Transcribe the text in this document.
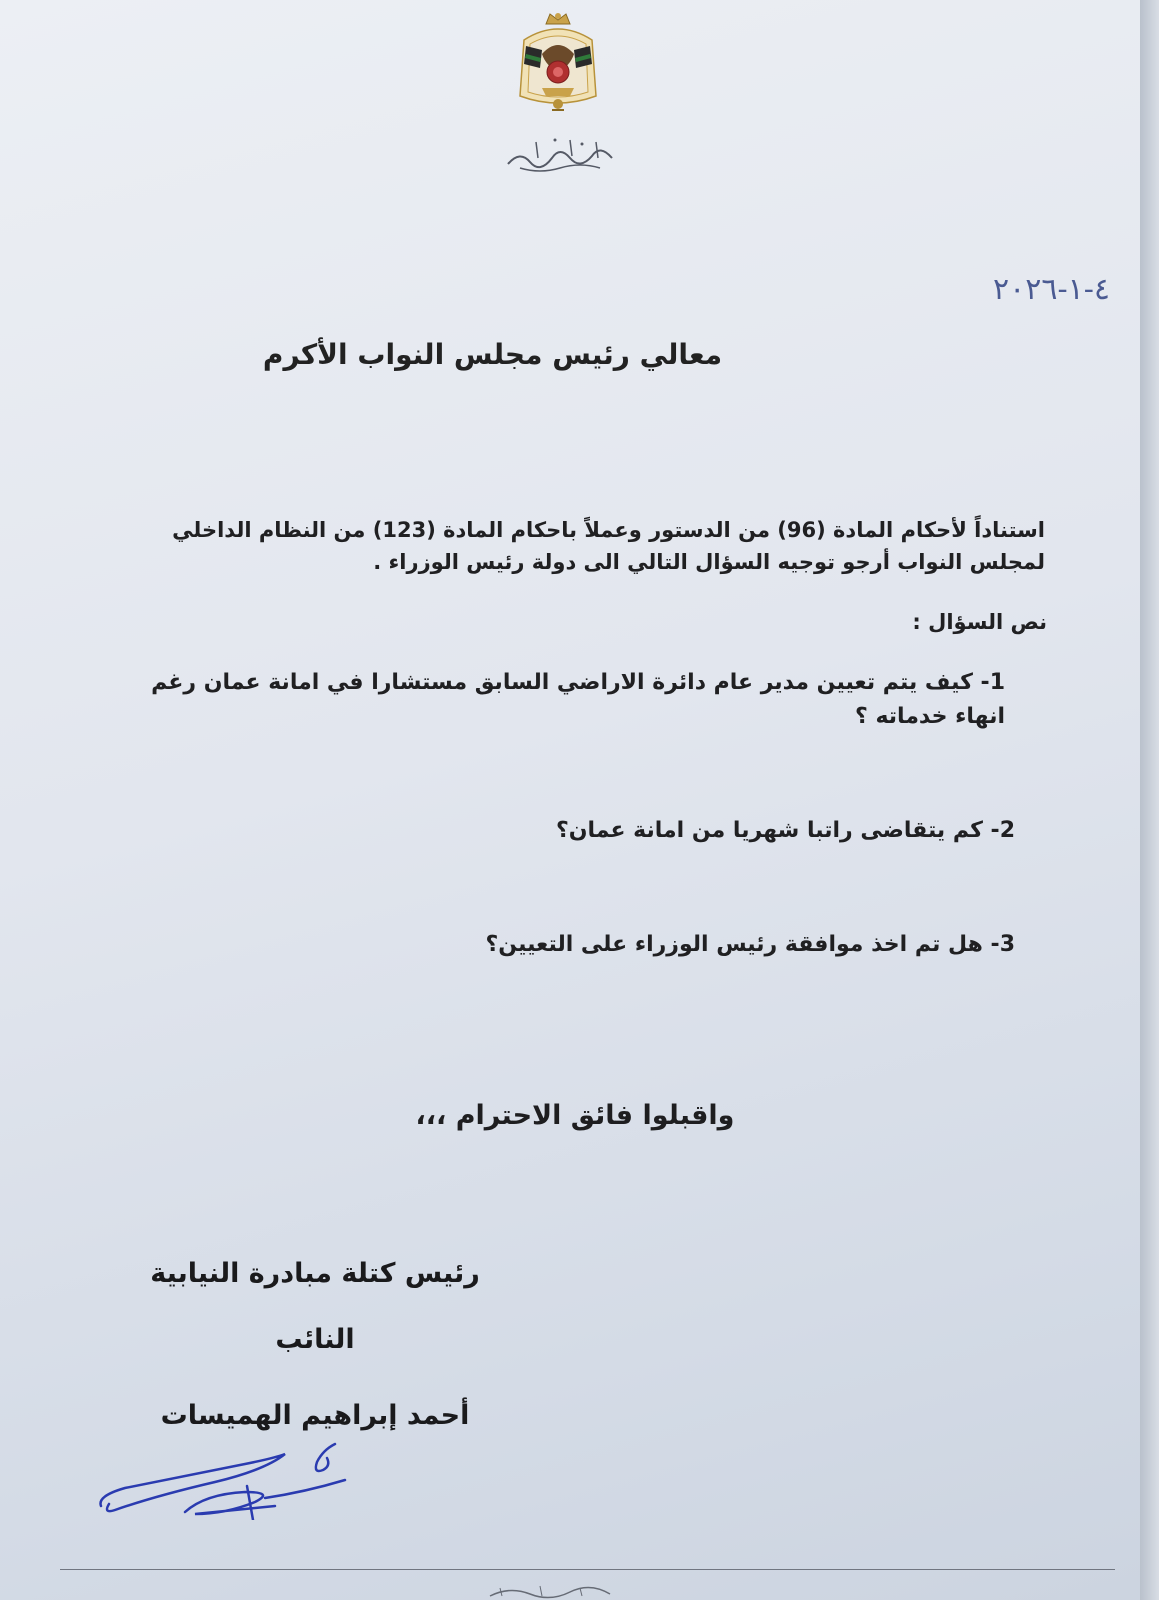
٤-١-٢٠٢٦
معالي رئيس مجلس النواب الأكرم
استناداً لأحكام المادة (96) من الدستور وعملاً باحكام المادة (123) من النظام الداخلي لمجلس النواب أرجو توجيه السؤال التالي الى دولة رئيس الوزراء .
نص السؤال :
1- كيف يتم تعيين مدير عام دائرة الاراضي السابق مستشارا في امانة عمان رغم انهاء خدماته ؟
2- كم يتقاضى راتبا شهريا من امانة عمان؟
3- هل تم اخذ موافقة رئيس الوزراء على التعيين؟
واقبلوا فائق الاحترام ،،،
رئيس كتلة مبادرة النيابية
النائب
أحمد إبراهيم الهميسات
